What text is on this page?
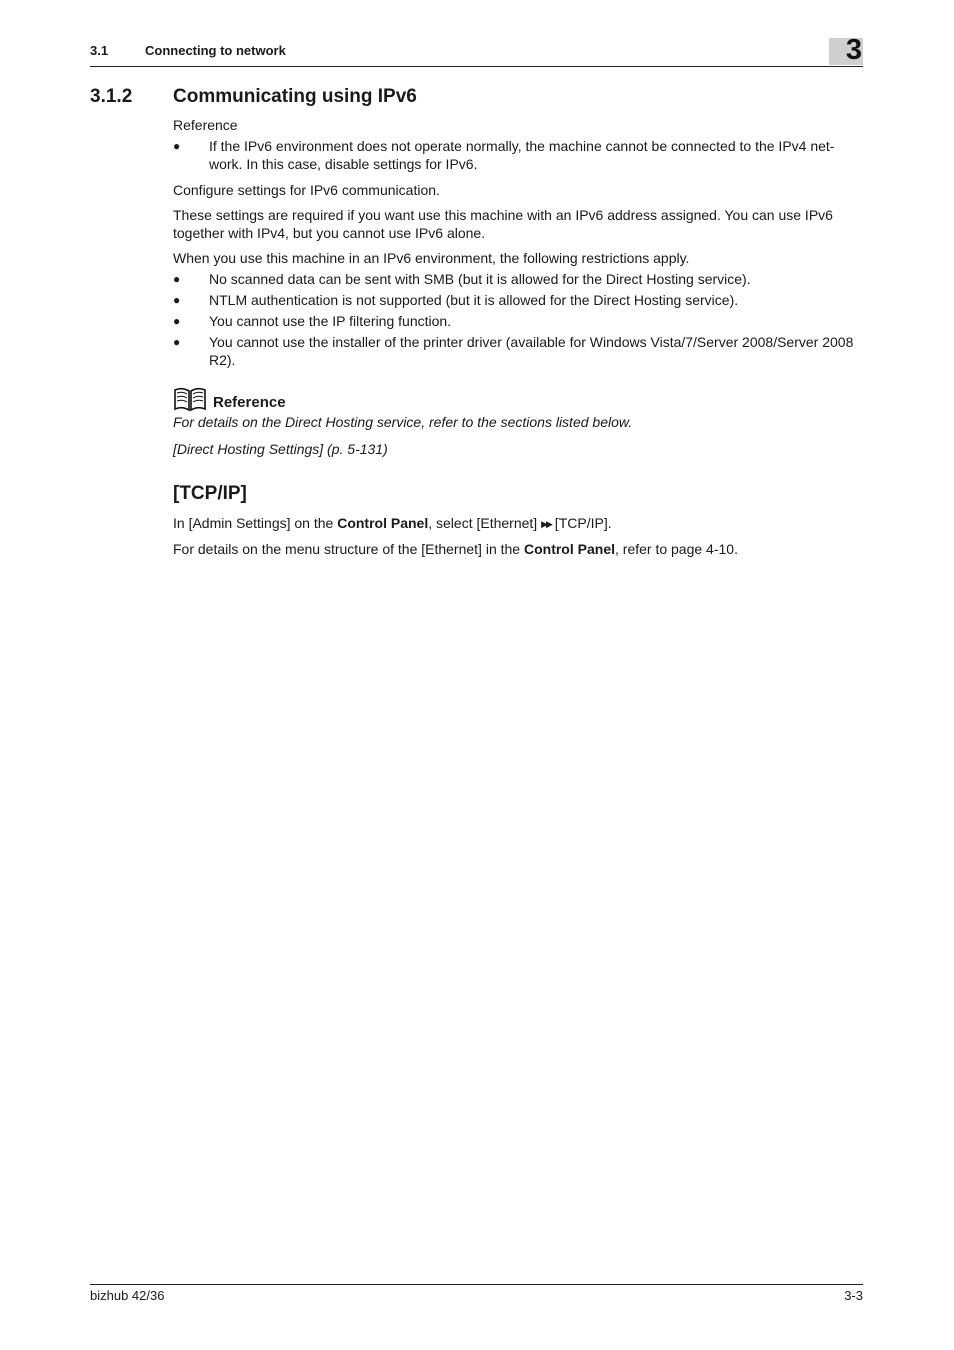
3.1	Connecting to network	3
3.1.2 Communicating using IPv6
Reference
● If the IPv6 environment does not operate normally, the machine cannot be connected to the IPv4 net-work. In this case, disable settings for IPv6.
Configure settings for IPv6 communication.
These settings are required if you want use this machine with an IPv6 address assigned. You can use IPv6 together with IPv4, but you cannot use IPv6 alone.
When you use this machine in an IPv6 environment, the following restrictions apply.
● No scanned data can be sent with SMB (but it is allowed for the Direct Hosting service).
● NTLM authentication is not supported (but it is allowed for the Direct Hosting service).
● You cannot use the IP filtering function.
● You cannot use the installer of the printer driver (available for Windows Vista/7/Server 2008/Server 2008 R2).
Reference
For details on the Direct Hosting service, refer to the sections listed below.
[Direct Hosting Settings] (p. 5-131)
[TCP/IP]
In [Admin Settings] on the Control Panel, select [Ethernet] ▶▶ [TCP/IP].
For details on the menu structure of the [Ethernet] in the Control Panel, refer to page 4-10.
bizhub 42/36	3-3
